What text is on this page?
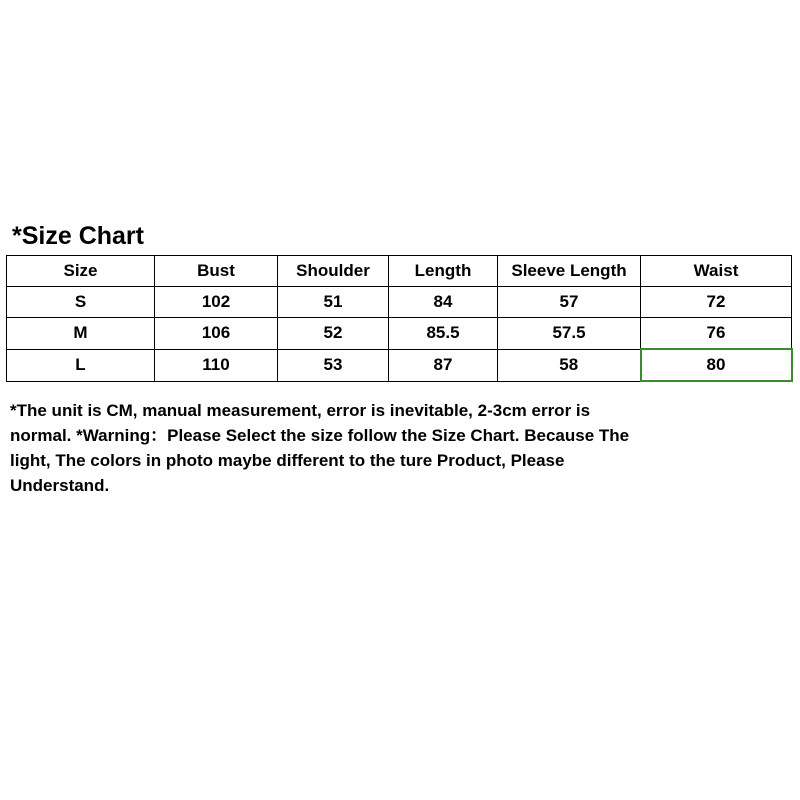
*Size Chart
Size	Bust	Shoulder	Length	Sleeve Length	Waist
S	102	51	84	57	72
M	106	52	85.5	57.5	76
L	110	53	87	58	80
*The unit is CM, manual measurement, error is inevitable, 2-3cm error is normal. *Warning：Please Select the size follow the Size Chart. Because The light, The colors in photo maybe different to the ture Product, Please Understand.
